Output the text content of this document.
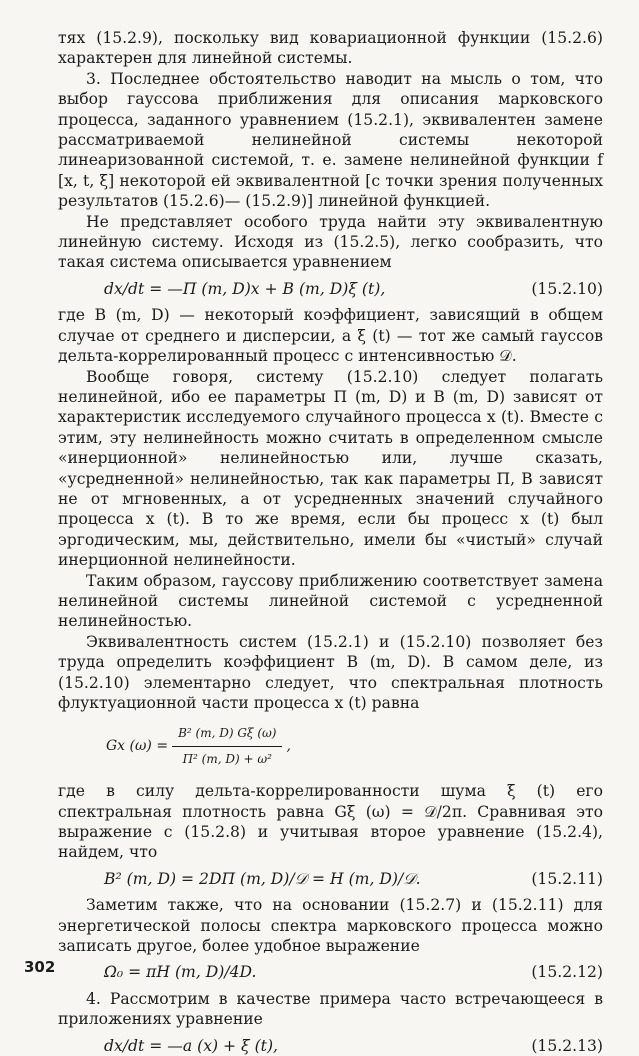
тях (15.2.9), поскольку вид ковариационной функции (15.2.6) характерен для линейной системы.

3. Последнее обстоятельство наводит на мысль о том, что выбор гауссова приближения для описания марковского процесса, заданного уравнением (15.2.1), эквивалентен замене рассматриваемой нелинейной системы некоторой линеаризованной системой, т. е. замене нелинейной функции f [x, t, ξ] некоторой ей эквивалентной [с точки зрения полученных результатов (15.2.6)— (15.2.9)] линейной функцией.

Не представляет особого труда найти эту эквивалентную линейную систему. Исходя из (15.2.5), легко сообразить, что такая система описывается уравнением

dx/dt = —Π (m, D)x + B (m, D)ξ (t),	(15.2.10)

где B (m, D) — некоторый коэффициент, зависящий в общем случае от среднего и дисперсии, а ξ (t) — тот же самый гауссов дельта-коррелированный процесс с интенсивностью 𝒟.

Вообще говоря, систему (15.2.10) следует полагать нелинейной, ибо ее параметры Π (m, D) и B (m, D) зависят от характеристик исследуемого случайного процесса x (t). Вместе с этим, эту нелинейность можно считать в определенном смысле «инерционной» нелинейностью или, лучше сказать, «усредненной» нелинейностью, так как параметры Π, B зависят не от мгновенных, а от усредненных значений случайного процесса x (t). В то же время, если бы процесс x (t) был эргодическим, мы, действительно, имели бы «чистый» случай инерционной нелинейности.

Таким образом, гауссову приближению соответствует замена нелинейной системы линейной системой с усредненной нелинейностью.

Эквивалентность систем (15.2.1) и (15.2.10) позволяет без труда определить коэффициент B (m, D). В самом деле, из (15.2.10) элементарно следует, что спектральная плотность флуктуационной части процесса x (t) равна

Gx $(\omega) = \frac{\text{B² (m, D) Gξ (ω)}}{\text{Π² (m, D) + ω²}}$ ,

где в силу дельта-коррелированности шума ξ (t) его спектральная плотность равна Gξ (ω) = 𝒟/2π. Сравнивая это выражение с (15.2.8) и учитывая второе уравнение (15.2.4), найдем, что

B² (m, D) = 2DΠ (m, D)/𝒟 = H (m, D)/𝒟.	(15.2.11)

Заметим также, что на основании (15.2.7) и (15.2.11) для энергетической полосы спектра марковского процесса можно записать другое, более удобное выражение

Ω₀ = πH (m, D)/4D.	(15.2.12)

4. Рассмотрим в качестве примера часто встречающееся в приложениях уравнение

dx/dt = —a (x) + ξ (t),	(15.2.13)
302
